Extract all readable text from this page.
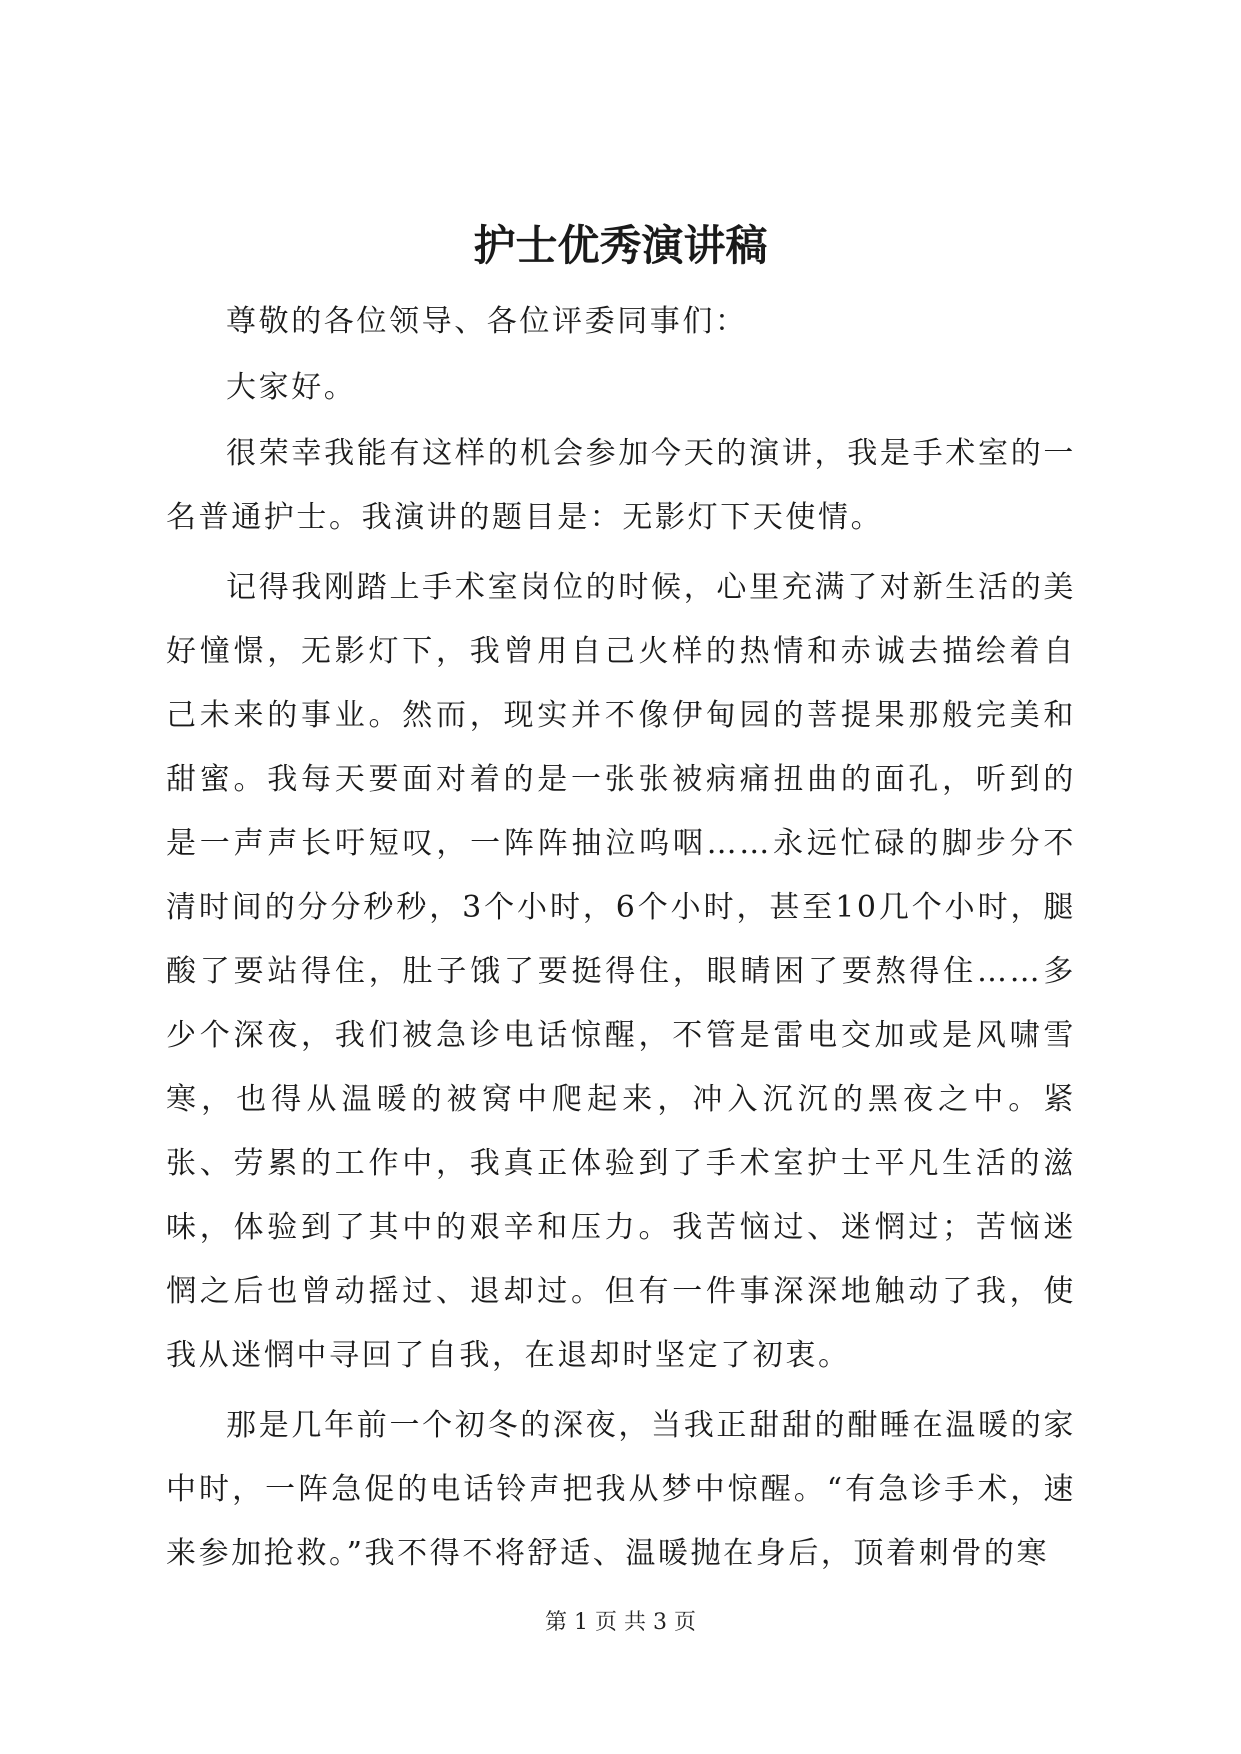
护士优秀演讲稿

尊敬的各位领导、各位评委同事们：

大家好。

很荣幸我能有这样的机会参加今天的演讲，我是手术室的一名普通护士。我演讲的题目是：无影灯下天使情。

记得我刚踏上手术室岗位的时候，心里充满了对新生活的美好憧憬，无影灯下，我曾用自己火样的热情和赤诚去描绘着自己未来的事业。然而，现实并不像伊甸园的菩提果那般完美和甜蜜。我每天要面对着的是一张张被病痛扭曲的面孔，听到的是一声声长吁短叹，一阵阵抽泣呜咽……永远忙碌的脚步分不清时间的分分秒秒，3个小时，6个小时，甚至10几个小时，腿酸了要站得住，肚子饿了要挺得住，眼睛困了要熬得住……多少个深夜，我们被急诊电话惊醒，不管是雷电交加或是风啸雪寒，也得从温暖的被窝中爬起来，冲入沉沉的黑夜之中。紧张、劳累的工作中，我真正体验到了手术室护士平凡生活的滋味，体验到了其中的艰辛和压力。我苦恼过、迷惘过；苦恼迷惘之后也曾动摇过、退却过。但有一件事深深地触动了我，使我从迷惘中寻回了自我，在退却时坚定了初衷。

那是几年前一个初冬的深夜，当我正甜甜的酣睡在温暖的家中时，一阵急促的电话铃声把我从梦中惊醒。“有急诊手术，速来参加抢救。”我不得不将舒适、温暖抛在身后，顶着刺骨的寒

第 1 页 共 3 页
